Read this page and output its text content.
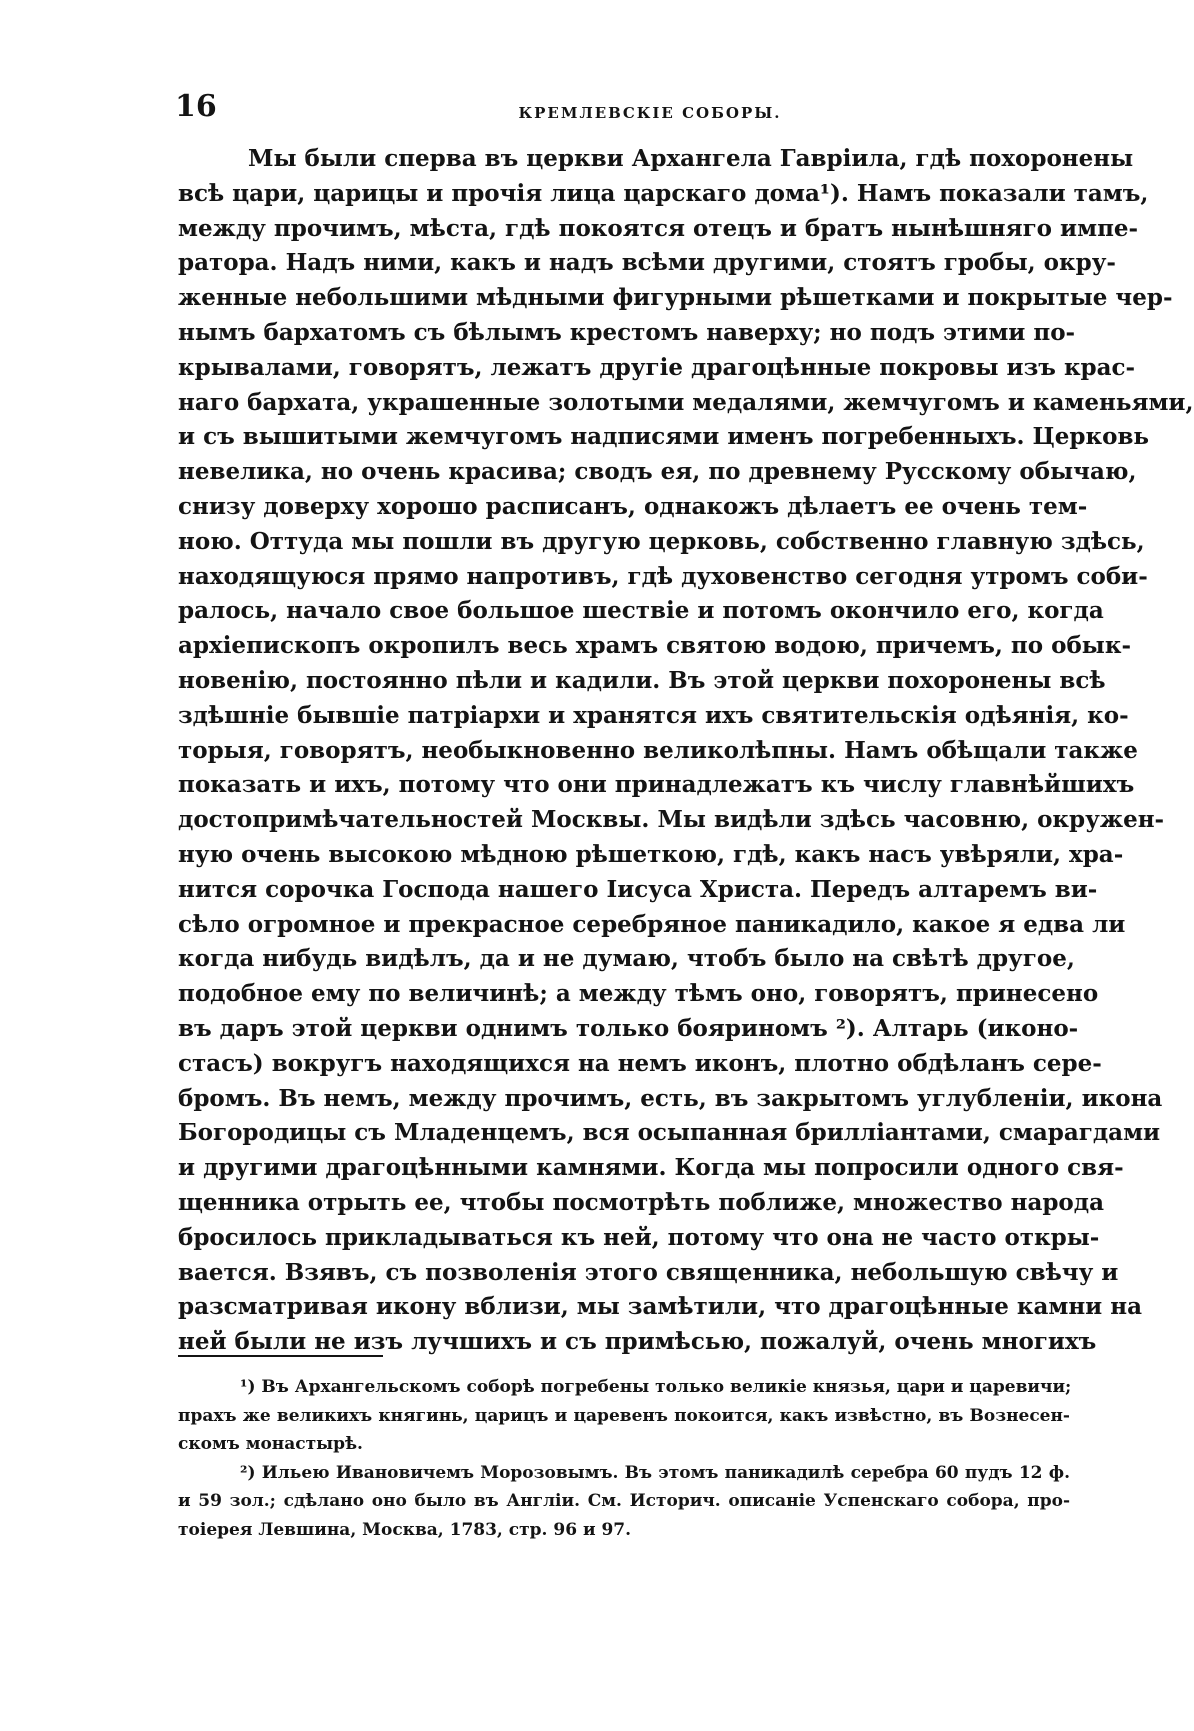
16	КРЕМЛЕВСКІЕ СОБОРЫ.
Мы были сперва въ церкви Архангела Гавріила, гдѣ похоронены
всѣ цари, царицы и прочія лица царскаго дома¹). Намъ показали тамъ,
между прочимъ, мѣста, гдѣ покоятся отецъ и братъ нынѣшняго импе-
ратора. Надъ ними, какъ и надъ всѣми другими, стоятъ гробы, окру-
женные небольшими мѣдными фигурными рѣшетками и покрытые чер-
нымъ бархатомъ съ бѣлымъ крестомъ наверху; но подъ этими по-
крывалами, говорятъ, лежатъ другіе драгоцѣнные покровы изъ крас-
наго бархата, украшенные золотыми медалями, жемчугомъ и каменьями,
и съ вышитыми жемчугомъ надписями именъ погребенныхъ. Церковь
невелика, но очень красива; сводъ ея, по древнему Русскому обычаю,
снизу доверху хорошо расписанъ, однакожъ дѣлаетъ ее очень тем-
ною. Оттуда мы пошли въ другую церковь, собственно главную здѣсь,
находящуюся прямо напротивъ, гдѣ духовенство сегодня утромъ соби-
ралось, начало свое большое шествіе и потомъ окончило его, когда
архіепископъ окропилъ весь храмъ святою водою, причемъ, по обык-
новенію, постоянно пѣли и кадили. Въ этой церкви похоронены всѣ
здѣшніе бывшіе патріархи и хранятся ихъ святительскія одѣянія, ко-
торыя, говорятъ, необыкновенно великолѣпны. Намъ обѣщали также
показать и ихъ, потому что они принадлежатъ къ числу главнѣйшихъ
достопримѣчательностей Москвы. Мы видѣли здѣсь часовню, окружен-
ную очень высокою мѣдною рѣшеткою, гдѣ, какъ насъ увѣряли, хра-
нится сорочка Господа нашего Іисуса Христа. Передъ алтаремъ ви-
сѣло огромное и прекрасное серебряное паникадило, какое я едва ли
когда нибудь видѣлъ, да и не думаю, чтобъ было на свѣтѣ другое,
подобное ему по величинѣ; а между тѣмъ оно, говорятъ, принесено
въ даръ этой церкви однимъ только бояриномъ ²). Алтарь (иконо-
стасъ) вокругъ находящихся на немъ иконъ, плотно обдѣланъ сере-
бромъ. Въ немъ, между прочимъ, есть, въ закрытомъ углубленіи, икона
Богородицы съ Младенцемъ, вся осыпанная брилліантами, смарагдами
и другими драгоцѣнными камнями. Когда мы попросили одного свя-
щенника отрыть ее, чтобы посмотрѣть поближе, множество народа
бросилось прикладываться къ ней, потому что она не часто откры-
вается. Взявъ, съ позволенія этого священника, небольшую свѣчу и
разсматривая икону вблизи, мы замѣтили, что драгоцѣнные камни на
ней были не изъ лучшихъ и съ примѣсью, пожалуй, очень многихъ
¹) Въ Архангельскомъ соборѣ погребены только великіе князья, цари и царевичи;
прахъ же великихъ княгинь, царицъ и царевенъ покоится, какъ извѣстно, въ Вознесен-
скомъ монастырѣ.
²) Ильею Ивановичемъ Морозовымъ. Въ этомъ паникадилѣ серебра 60 пудъ 12 ф.
и 59 зол.; сдѣлано оно было въ Англіи. См. Историч. описаніе Успенскаго собора, про-
тоіерея Левшина, Москва, 1783, стр. 96 и 97.
